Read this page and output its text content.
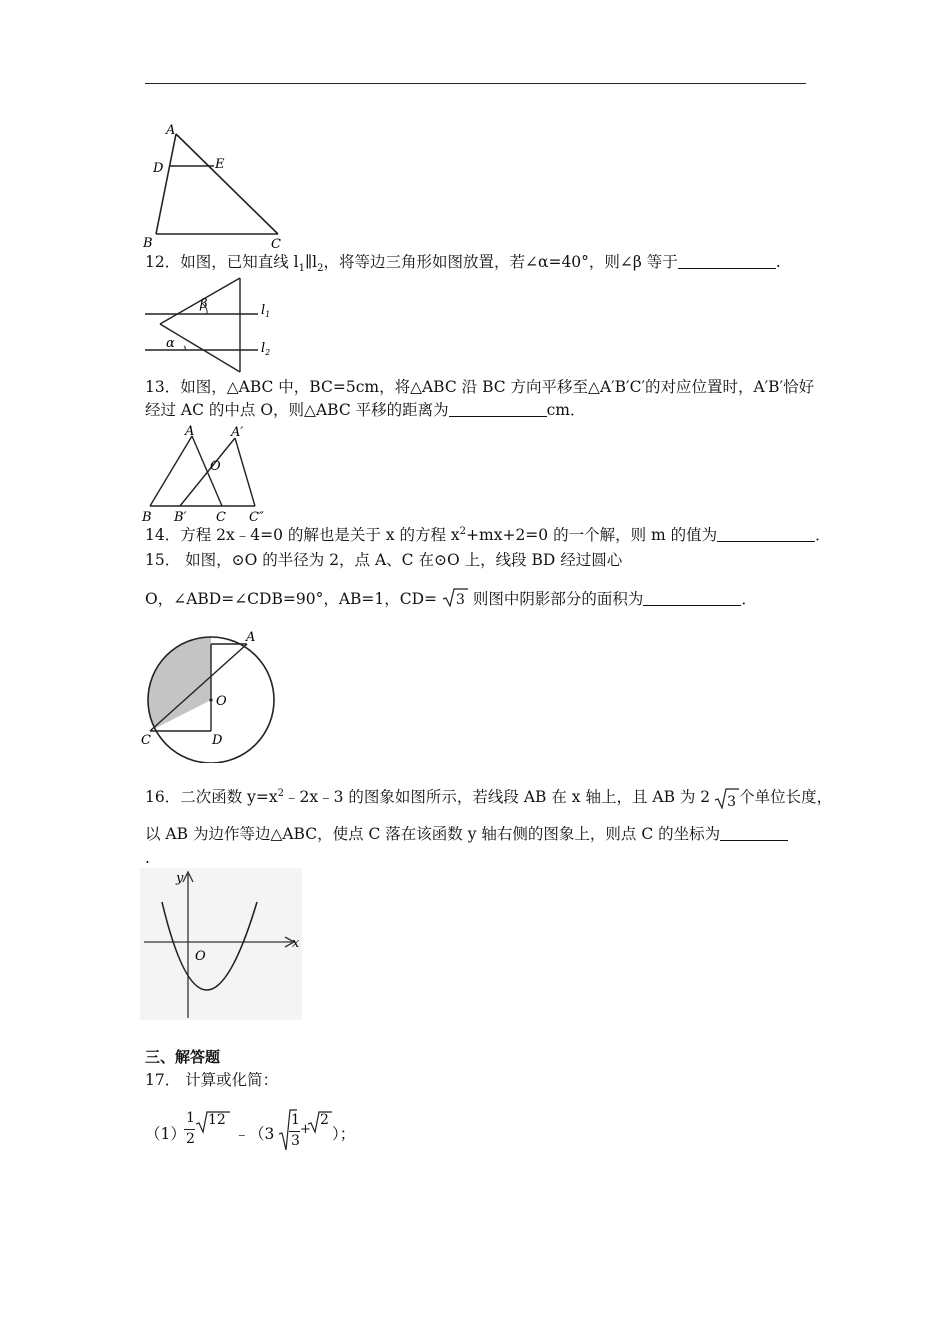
A
D	E
B	C
12．如图，已知直线 $l_1\parallel l_2$，将等边三角形如图放置，若∠α=40°，则∠β 等于	.
β
α
$l_1$
$l_2$
13．如图，△ABC 中，BC=5cm，将△ABC 沿 BC 方向平移至△A′B′C′的对应位置时，A′B′恰好
经过 AC 的中点 O，则△ABC 平移的距离为	cm．
A	A′
O
B B′ C C″
14．方程 2x﹣4=0 的解也是关于 x 的方程 $x^2+mx+2=0$ 的一个解，则 m 的值为	．
15． 如图，⊙O 的半径为 2，点 A、C 在⊙O 上，线段 BD 经过圆心
O，∠ABD=∠CDB=90°，AB=1，CD= 3 则图中阴影部分的面积为	．
A
O
C	D
16．二次函数 $y=x^2﹣2x﹣3$ 的图象如图所示，若线段 AB 在 x 轴上，且 AB 为 2 3 个单位长度，
以 AB 为边作等边△ABC，使点 C 落在该函数 y 轴右侧的图象上，则点 C 的坐标为
.
y
x
O
三、解答题
17． 计算或化简：
（1）
1
2
12
﹣ （3
1
3
+
2
）；
